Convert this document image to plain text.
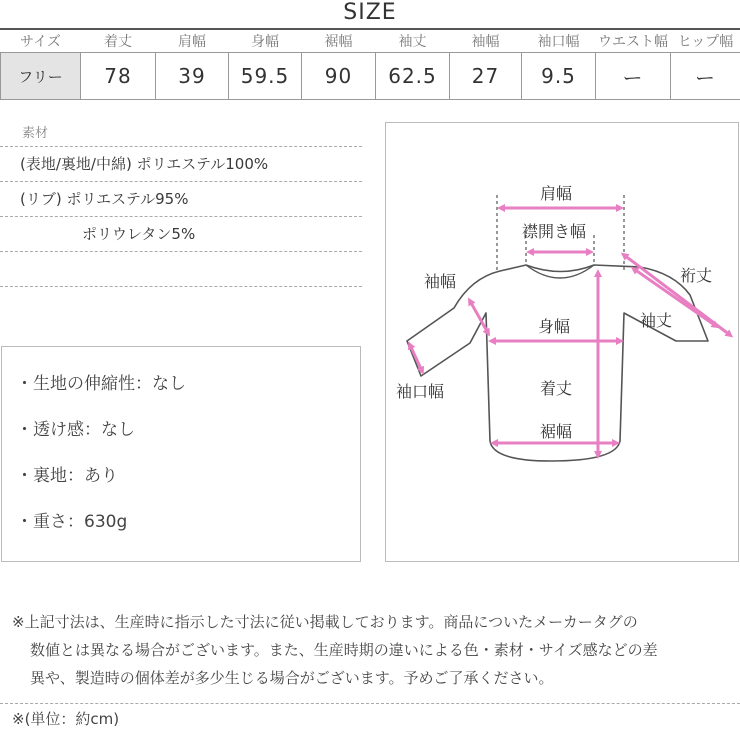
SIZE
サイズ	着丈	肩幅	身幅	裾幅	袖丈	袖幅	袖口幅	ウエスト幅	ヒップ幅
フリー	78	39	59.5	90	62.5	27	9.5	ー	ー
素材
(表地/裏地/中綿) ポリエステル100%
(リブ) ポリエステル95%
ポリウレタン5%
・生地の伸縮性：なし
・透け感：なし
・裏地：あり
・重さ：630g
肩幅
襟開き幅
裄丈
袖幅
袖丈
身幅
袖口幅	着丈
裾幅
※上記寸法は、生産時に指示した寸法に従い掲載しております。商品についたメーカータグの
数値とは異なる場合がございます。また、生産時期の違いによる色・素材・サイズ感などの差
異や、製造時の個体差が多少生じる場合がございます。予めご了承ください。
※(単位：約cm)
